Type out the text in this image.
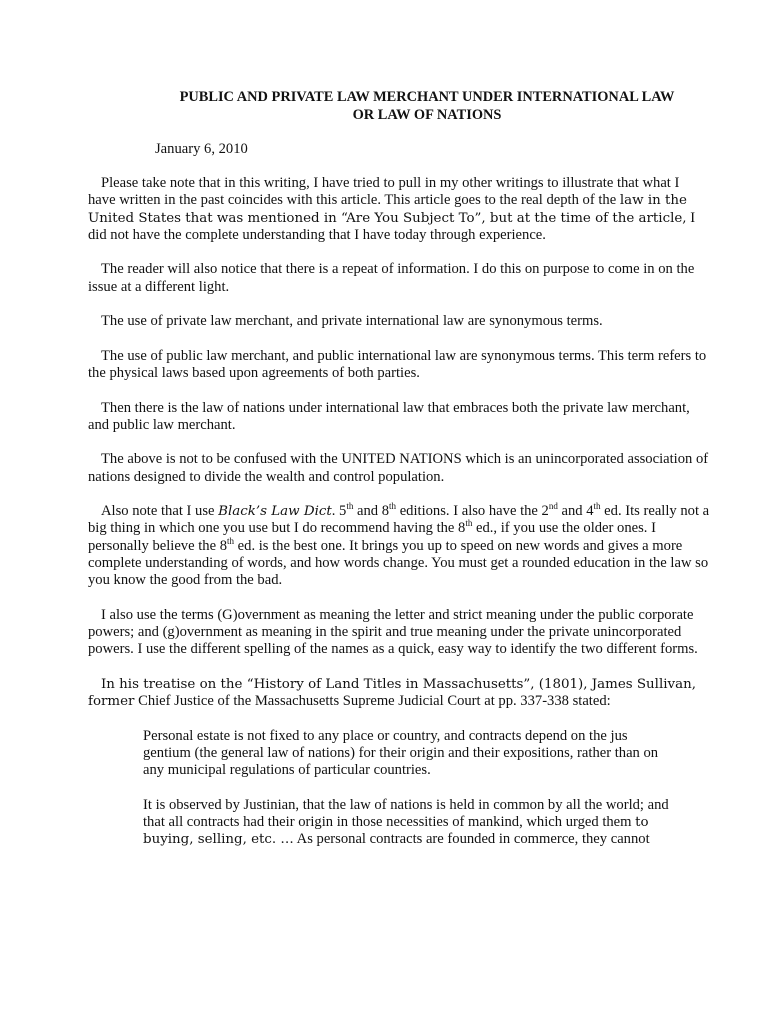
PUBLIC AND PRIVATE LAW MERCHANT UNDER INTERNATIONAL LAW
OR LAW OF NATIONS
January 6, 2010

Please take note that in this writing, I have tried to pull in my other writings to illustrate that what I have written in the past coincides with this article. This article goes to the real depth of the law in the United States that was mentioned in “Are You Subject To”, but at the time of the article, I did not have the complete understanding that I have today through experience.

The reader will also notice that there is a repeat of information. I do this on purpose to come in on the issue at a different light.

The use of private law merchant, and private international law are synonymous terms.

The use of public law merchant, and public international law are synonymous terms. This term refers to the physical laws based upon agreements of both parties.

Then there is the law of nations under international law that embraces both the private law merchant, and public law merchant.

The above is not to be confused with the UNITED NATIONS which is an unincorporated association of nations designed to divide the wealth and control population.

Also note that I use Black’s Law Dict. 5th and 8th editions. I also have the 2nd and 4th ed. Its really not a big thing in which one you use but I do recommend having the 8th ed., if you use the older ones. I personally believe the 8th ed. is the best one. It brings you up to speed on new words and gives a more complete understanding of words, and how words change. You must get a rounded education in the law so you know the good from the bad.

I also use the terms (G)overnment as meaning the letter and strict meaning under the public corporate powers; and (g)overnment as meaning in the spirit and true meaning under the private unincorporated powers. I use the different spelling of the names as a quick, easy way to identify the two different forms.

In his treatise on the “History of Land Titles in Massachusetts”, (1801), James Sullivan, former Chief Justice of the Massachusetts Supreme Judicial Court at pp. 337-338 stated:

Personal estate is not fixed to any place or country, and contracts depend on the jus gentium (the general law of nations) for their origin and their expositions, rather than on any municipal regulations of particular countries.

It is observed by Justinian, that the law of nations is held in common by all the world; and that all contracts had their origin in those necessities of mankind, which urged them to buying, selling, etc. … As personal contracts are founded in commerce, they cannot
